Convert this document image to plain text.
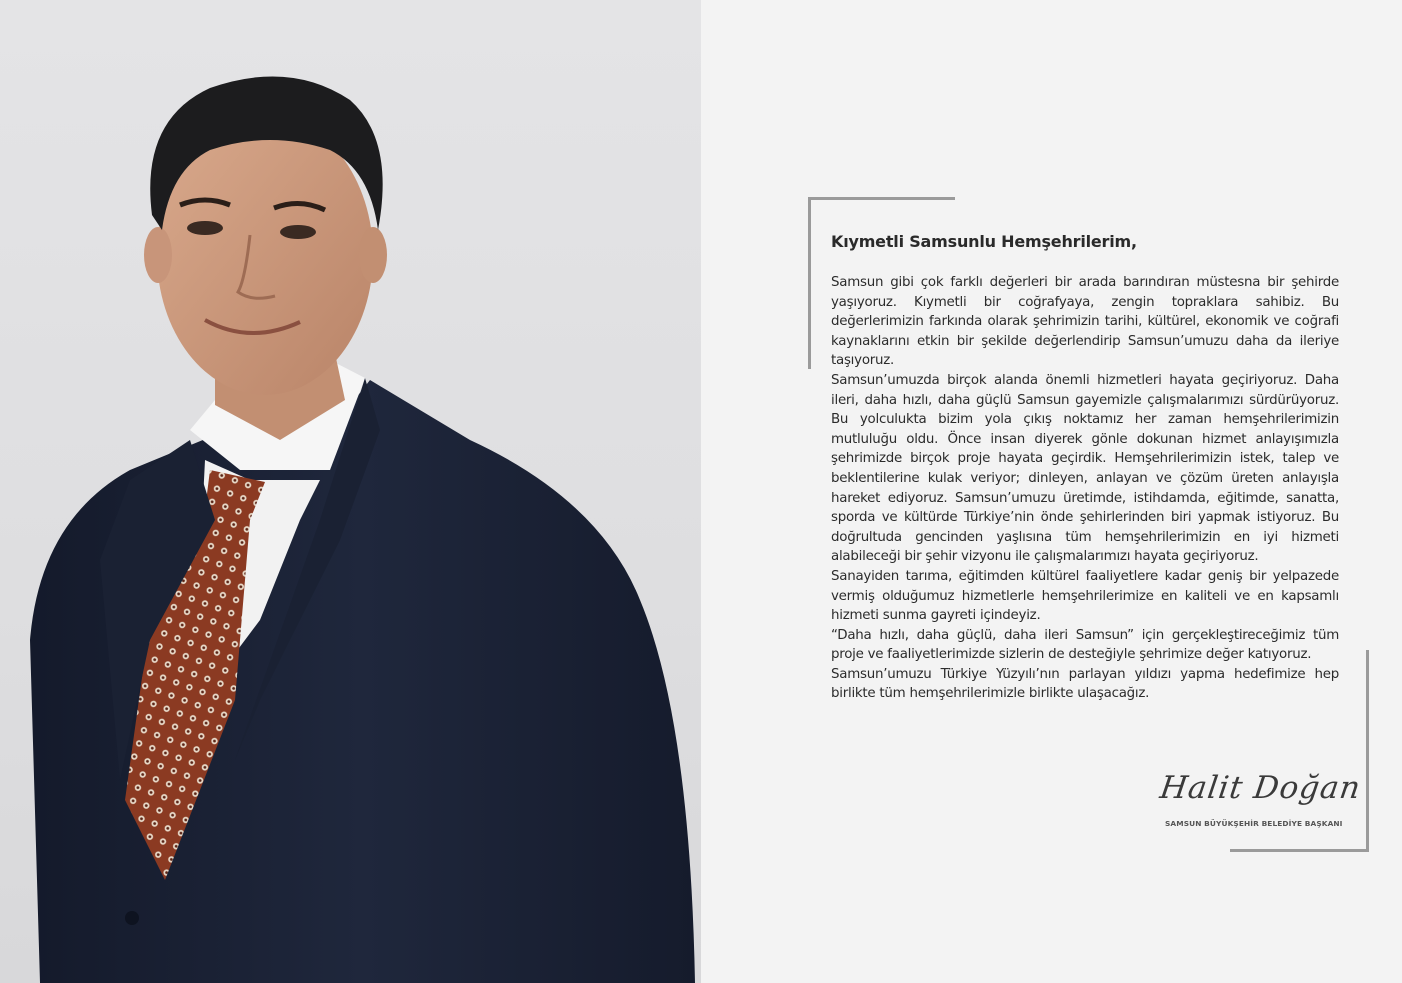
Kıymetli Samsunlu Hemşehrilerim,

Samsun gibi çok farklı değerleri bir arada barındıran müstesna bir şehirde yaşıyoruz. Kıymetli bir coğrafyaya, zengin topraklara sahibiz. Bu değerlerimizin farkında olarak şehrimizin tarihi, kültürel, ekonomik ve coğrafi kaynaklarını etkin bir şekilde değerlendirip Samsun’umuzu daha da ileriye taşıyoruz.

Samsun’umuzda birçok alanda önemli hizmetleri hayata geçiriyoruz. Daha ileri, daha hızlı, daha güçlü Samsun gayemizle çalışmalarımızı sürdürüyoruz. Bu yolculukta bizim yola çıkış noktamız her zaman hemşehrilerimizin mutluluğu oldu. Önce insan diyerek gönle dokunan hizmet anlayışımızla şehrimizde birçok proje hayata geçirdik. Hemşehrilerimizin istek, talep ve beklentilerine kulak veriyor; dinleyen, anlayan ve çözüm üreten anlayışla hareket ediyoruz. Samsun’umuzu üretimde, istihdamda, eğitimde, sanatta, sporda ve kültürde Türkiye’nin önde şehirlerinden biri yapmak istiyoruz. Bu doğrultuda gencinden yaşlısına tüm hemşehrilerimizin en iyi hizmeti alabileceği bir şehir vizyonu ile çalışmalarımızı hayata geçiriyoruz.

Sanayiden tarıma, eğitimden kültürel faaliyetlere kadar geniş bir yelpazede vermiş olduğumuz hizmetlerle hemşehrilerimize en kaliteli ve en kapsamlı hizmeti sunma gayreti içindeyiz.

“Daha hızlı, daha güçlü, daha ileri Samsun” için gerçekleştireceğimiz tüm proje ve faaliyetlerimizde sizlerin de desteğiyle şehrimize değer katıyoruz.

Samsun’umuzu Türkiye Yüzyılı’nın parlayan yıldızı yapma hedefimize hep birlikte tüm hemşehrilerimizle birlikte ulaşacağız.

Halit Doğan
SAMSUN BÜYÜKŞEHİR BELEDİYE BAŞKANI
